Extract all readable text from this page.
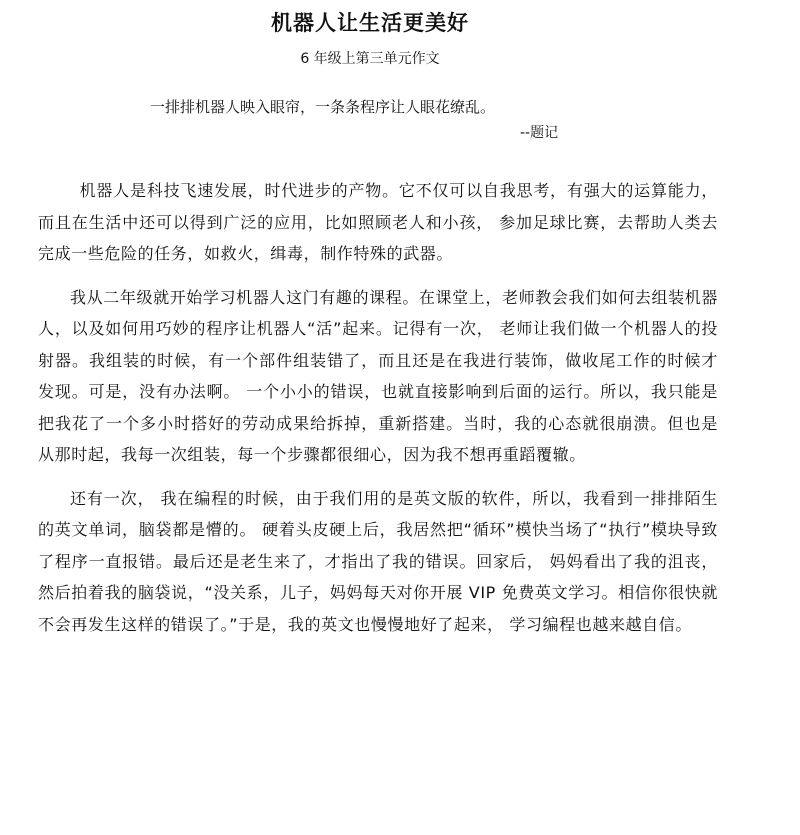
机器人让生活更美好
6 年级上第三单元作文
一排排机器人映入眼帘，一条条程序让人眼花缭乱。
--题记

机器人是科技飞速发展，时代进步的产物。它不仅可以自我思考，有强大的运算能力，而且在生活中还可以得到广泛的应用，比如照顾老人和小孩， 参加足球比赛，去帮助人类去完成一些危险的任务，如救火，缉毒，制作特殊的武器。

我从二年级就开始学习机器人这门有趣的课程。在课堂上，老师教会我们如何去组装机器人，以及如何用巧妙的程序让机器人“活”起来。记得有一次， 老师让我们做一个机器人的投射器。我组装的时候，有一个部件组装错了，而且还是在我进行装饰，做收尾工作的时候才发现。可是，没有办法啊。 一个小小的错误，也就直接影响到后面的运行。所以，我只能是把我花了一个多小时搭好的劳动成果给拆掉，重新搭建。当时，我的心态就很崩溃。但也是从那时起，我每一次组装，每一个步骤都很细心，因为我不想再重蹈覆辙。

还有一次， 我在编程的时候，由于我们用的是英文版的软件，所以，我看到一排排陌生的英文单词，脑袋都是懵的。 硬着头皮硬上后，我居然把“循环”模快当场了“执行”模块导致了程序一直报错。最后还是老生来了，才指出了我的错误。回家后， 妈妈看出了我的沮丧，然后拍着我的脑袋说，“没关系，儿子，妈妈每天对你开展 VIP 免费英文学习。相信你很快就不会再发生这样的错误了。”于是，我的英文也慢慢地好了起来， 学习编程也越来越自信。
